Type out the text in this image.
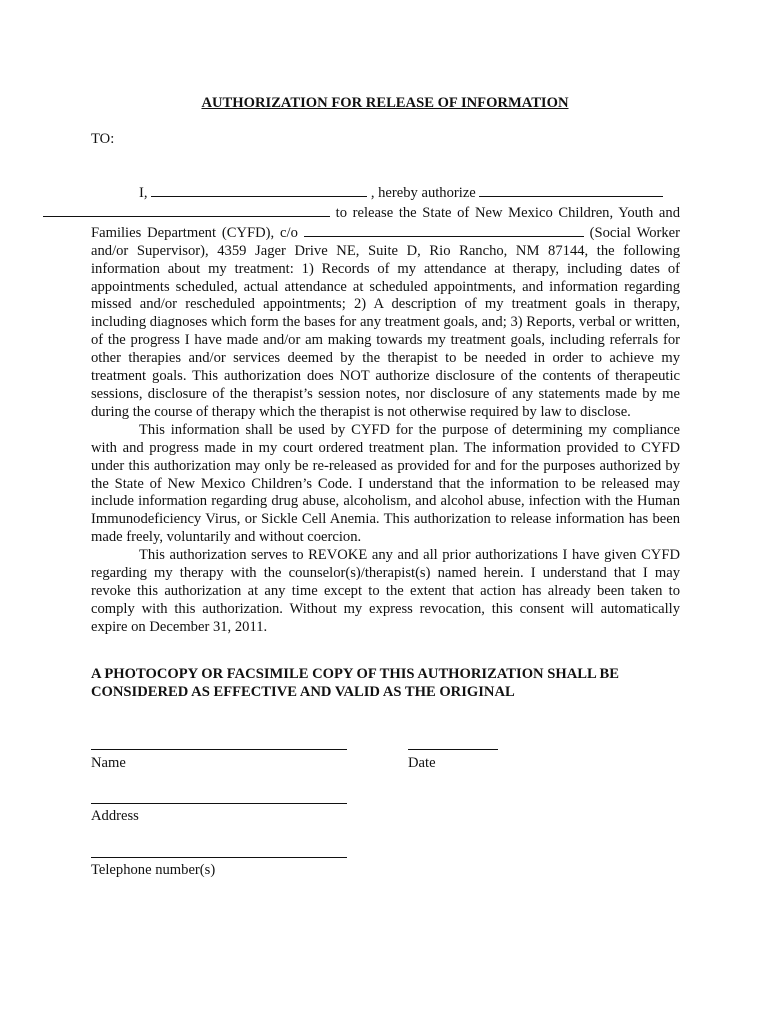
AUTHORIZATION FOR RELEASE OF INFORMATION
TO:

I,	, hereby authorize
to release the State of New Mexico Children, Youth and Families Department (CYFD), c/o	(Social Worker and/or Supervisor), 4359 Jager Drive NE, Suite D, Rio Rancho, NM 87144, the following information about my treatment: 1) Records of my attendance at therapy, including dates of appointments scheduled, actual attendance at scheduled appointments, and information regarding missed and/or rescheduled appointments; 2) A description of my treatment goals in therapy, including diagnoses which form the bases for any treatment goals, and; 3) Reports, verbal or written, of the progress I have made and/or am making towards my treatment goals, including referrals for other therapies and/or services deemed by the therapist to be needed in order to achieve my treatment goals. This authorization does NOT authorize disclosure of the contents of therapeutic sessions, disclosure of the therapist’s session notes, nor disclosure of any statements made by me during the course of therapy which the therapist is not otherwise required by law to disclose.

This information shall be used by CYFD for the purpose of determining my compliance with and progress made in my court ordered treatment plan. The information provided to CYFD under this authorization may only be re-released as provided for and for the purposes authorized by the State of New Mexico Children’s Code. I understand that the information to be released may include information regarding drug abuse, alcoholism, and alcohol abuse, infection with the Human Immunodeficiency Virus, or Sickle Cell Anemia. This authorization to release information has been made freely, voluntarily and without coercion.

This authorization serves to REVOKE any and all prior authorizations I have given CYFD regarding my therapy with the counselor(s)/therapist(s) named herein. I understand that I may revoke this authorization at any time except to the extent that action has already been taken to comply with this authorization. Without my express revocation, this consent will automatically expire on December 31, 2011.

A PHOTOCOPY OR FACSIMILE COPY OF THIS AUTHORIZATION SHALL BE CONSIDERED AS EFFECTIVE AND VALID AS THE ORIGINAL
Name	Date
Address
Telephone number(s)
